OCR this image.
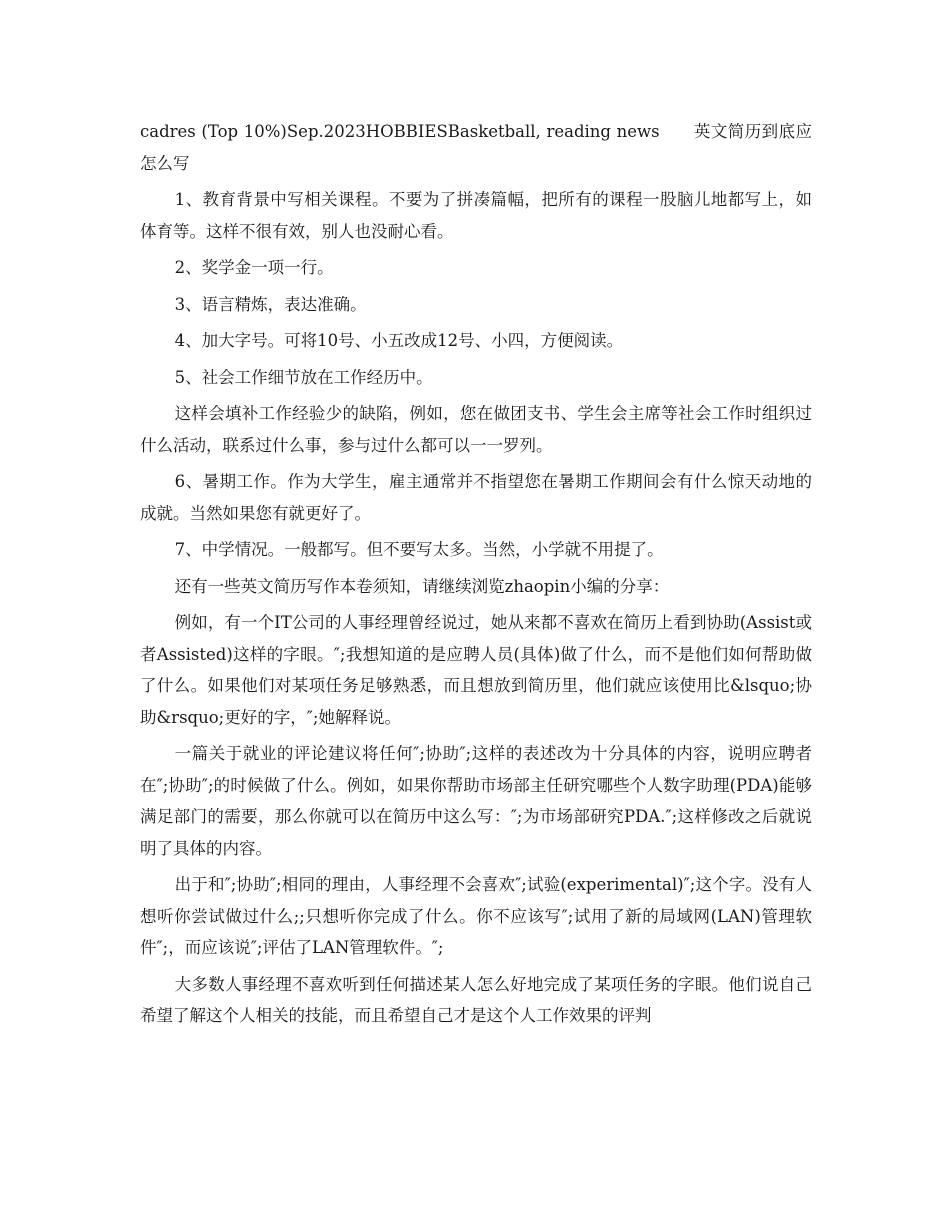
cadres (Top 10%)Sep.2023HOBBIESBasketball, reading news　　英文简历到底应怎么写

1、教育背景中写相关课程。不要为了拼凑篇幅，把所有的课程一股脑儿地都写上，如体育等。这样不很有效，别人也没耐心看。

2、奖学金一项一行。

3、语言精炼，表达准确。

4、加大字号。可将10号、小五改成12号、小四，方便阅读。

5、社会工作细节放在工作经历中。

这样会填补工作经验少的缺陷，例如，您在做团支书、学生会主席等社会工作时组织过什么活动，联系过什么事，参与过什么都可以一一罗列。

6、暑期工作。作为大学生，雇主通常并不指望您在暑期工作期间会有什么惊天动地的成就。当然如果您有就更好了。

7、中学情况。一般都写。但不要写太多。当然，小学就不用提了。

还有一些英文简历写作本卷须知，请继续浏览zhaopin小编的分享：

例如，有一个IT公司的人事经理曾经说过，她从来都不喜欢在简历上看到协助(Assist或者Assisted)这样的字眼。″;我想知道的是应聘人员(具体)做了什么，而不是他们如何帮助做了什么。如果他们对某项任务足够熟悉，而且想放到简历里，他们就应该使用比&lsquo;协助&rsquo;更好的字，″;她解释说。

一篇关于就业的评论建议将任何″;协助″;这样的表述改为十分具体的内容，说明应聘者在″;协助″;的时候做了什么。例如，如果你帮助市场部主任研究哪些个人数字助理(PDA)能够满足部门的需要，那么你就可以在简历中这么写：″;为市场部研究PDA.″;这样修改之后就说明了具体的内容。

出于和″;协助″;相同的理由，人事经理不会喜欢″;试验(experimental)″;这个字。没有人想听你尝试做过什么;;只想听你完成了什么。你不应该写″;试用了新的局域网(LAN)管理软件″;，而应该说″;评估了LAN管理软件。″;

大多数人事经理不喜欢听到任何描述某人怎么好地完成了某项任务的字眼。他们说自己希望了解这个人相关的技能，而且希望自己才是这个人工作效果的评判
